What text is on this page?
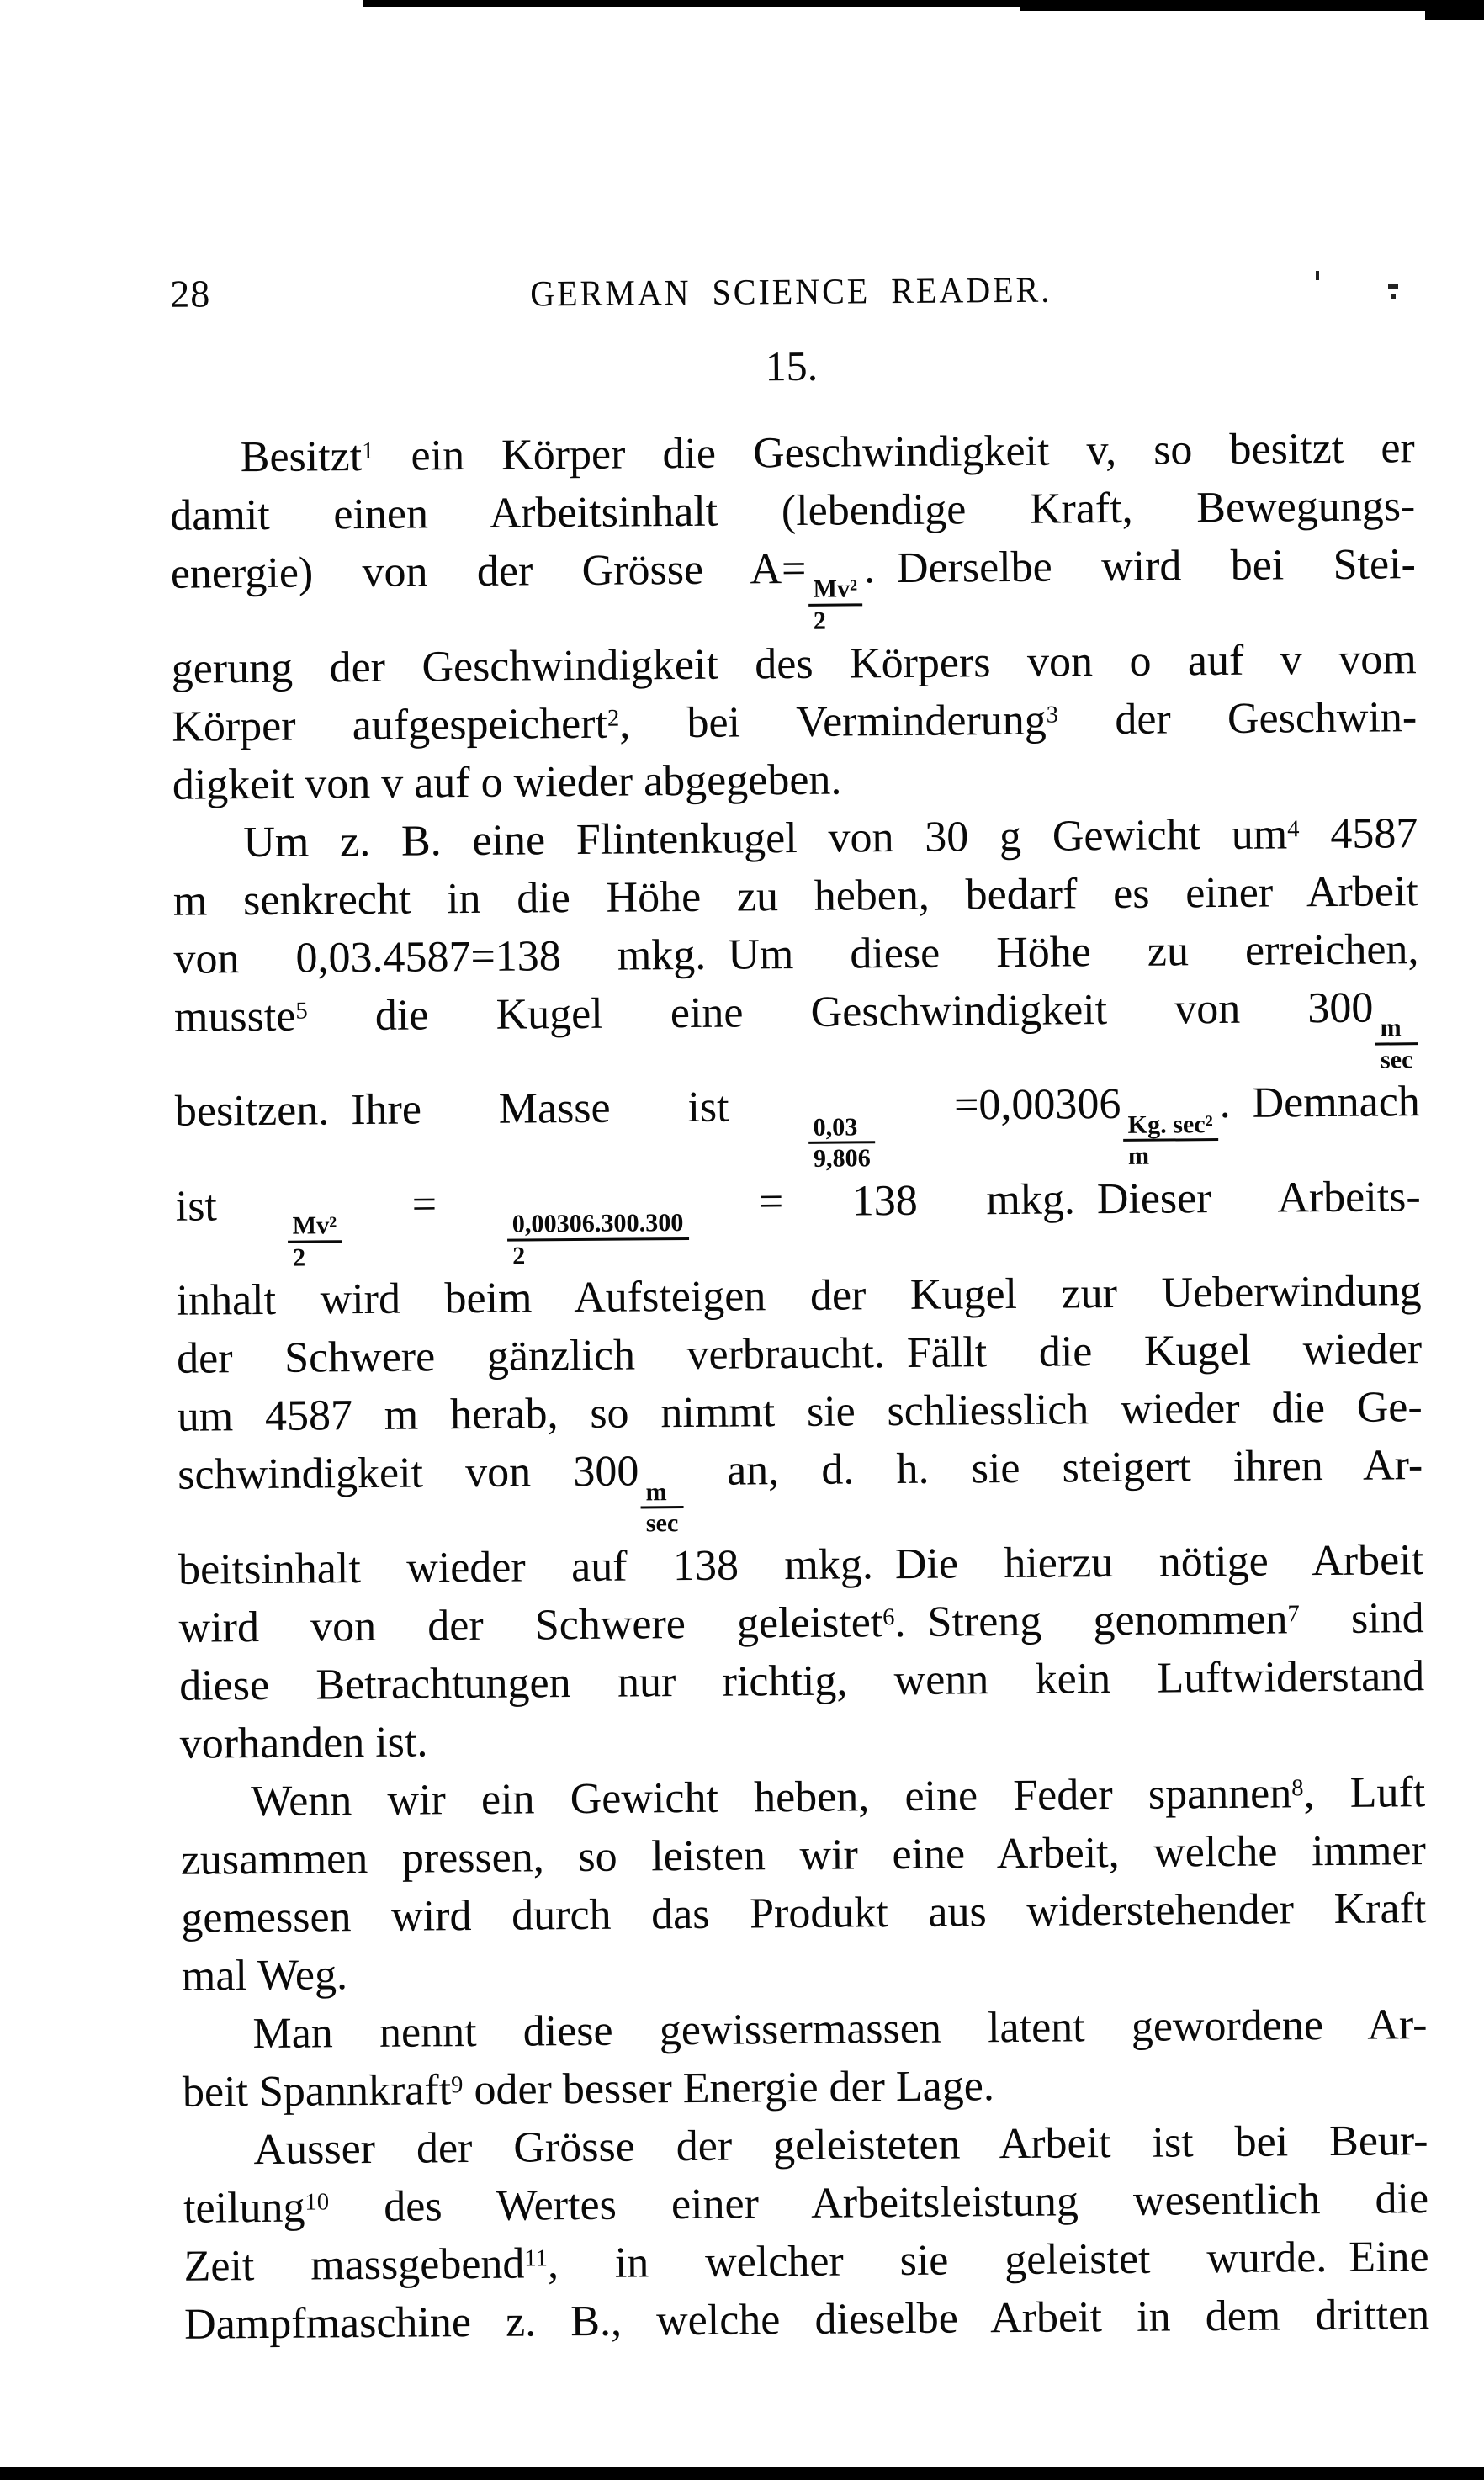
28	GERMAN SCIENCE READER.
15.
Besitzt$^1$ ein Körper die Geschwindigkeit v, so besitzt er
damit einen Arbeitsinhalt (lebendige Kraft, Bewegungs-
energie) von der Grösse A=
$\frac{\text{Mv²}}{2}$
. Derselbe wird bei Stei-
gerung der Geschwindigkeit des Körpers von o auf v vom
Körper aufgespeichert$^2$, bei Verminderung$^3$ der Geschwin-
digkeit von v auf o wieder abgegeben.
Um z. B. eine Flintenkugel von 30 g Gewicht um$^4$ 4587
m senkrecht in die Höhe zu heben, bedarf es einer Arbeit
von 0,03.4587=138 mkg. Um diese Höhe zu erreichen,
musste$^5$ die Kugel eine Geschwindigkeit von 300
$\frac{m}{\sec}$
besitzen. Ihre Masse ist
$\frac{0,03}{9,806}$
=0,00306
$\frac{\text{Kg. sec²}}{m}$
. Demnach
ist
$\frac{\text{Mv²}}{2}$
=
$\frac{0,00306.300.300}{2}$
= 138 mkg. Dieser Arbeits-
inhalt wird beim Aufsteigen der Kugel zur Ueberwindung
der Schwere gänzlich verbraucht. Fällt die Kugel wieder
um 4587 m herab, so nimmt sie schliesslich wieder die Ge-
schwindigkeit von 300
$\frac{m}{\sec}$
an, d. h. sie steigert ihren Ar-
beitsinhalt wieder auf 138 mkg. Die hierzu nötige Arbeit
wird von der Schwere geleistet$^6$. Streng genommen$^7$ sind
diese Betrachtungen nur richtig, wenn kein Luftwiderstand
vorhanden ist.
Wenn wir ein Gewicht heben, eine Feder spannen$^8$, Luft
zusammen pressen, so leisten wir eine Arbeit, welche immer
gemessen wird durch das Produkt aus widerstehender Kraft
mal Weg.
Man nennt diese gewissermassen latent gewordene Ar-
beit Spannkraft$^9$ oder besser Energie der Lage.
Ausser der Grösse der geleisteten Arbeit ist bei Beur-
teilung$^{10}$ des Wertes einer Arbeitsleistung wesentlich die
Zeit massgebend$^{11}$, in welcher sie geleistet wurde. Eine
Dampfmaschine z. B., welche dieselbe Arbeit in dem dritten
